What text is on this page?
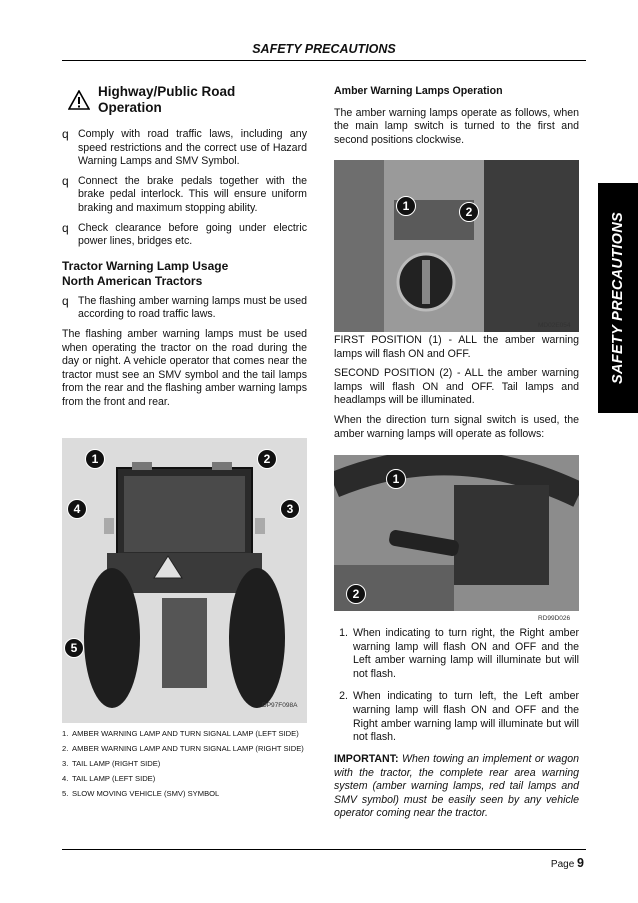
SAFETY PRECAUTIONS
SAFETY PRECAUTIONS
Highway/Public Road
Operation
q Comply with road traffic laws, including any speed restrictions and the correct use of Hazard Warning Lamps and SMV Symbol.
q Connect the brake pedals together with the brake pedal interlock. This will ensure uniform braking and maximum stopping ability.
q Check clearance before going under electric power lines, bridges etc.
Tractor Warning Lamp Usage
North American Tractors
q The flashing amber warning lamps must be used according to road traffic laws.

The flashing amber warning lamps must be used when operating the tractor on the road during the day or night. A vehicle operator that comes near the tractor must see an SMV symbol and the tail lamps from the rear and the flashing amber warning lamps from the front and rear.

1	2
3
4
5
DP97F098A
1. AMBER WARNING LAMP AND TURN SIGNAL LAMP (LEFT SIDE)
2. AMBER WARNING LAMP AND TURN SIGNAL LAMP (RIGHT SIDE)
3. TAIL LAMP (RIGHT SIDE)
4. TAIL LAMP (LEFT SIDE)
5. SLOW MOVING VEHICLE (SMV) SYMBOL
Amber Warning Lamps Operation

The amber warning lamps operate as follows, when the main lamp switch is turned to the first and second positions clockwise.

1	2
MD02E054

FIRST POSITION (1) - ALL the amber warning lamps will flash ON and OFF.

SECOND POSITION (2) - ALL the amber warning lamps will flash ON and OFF. Tail lamps and headlamps will be illuminated.

When the direction turn signal switch is used, the amber warning lamps will operate as follows:

1
2
RD99D026
1. When indicating to turn right, the Right amber warning lamp will flash ON and OFF and the Left amber warning lamp will illuminate but will not flash.
2. When indicating to turn left, the Left amber warning lamp will flash ON and OFF and the Right amber warning lamp will illuminate but will not flash.
IMPORTANT: When towing an implement or wagon with the tractor, the complete rear area warning system (amber warning lamps, red tail lamps and SMV symbol) must be easily seen by any vehicle operator coming near the tractor.
Page 9
